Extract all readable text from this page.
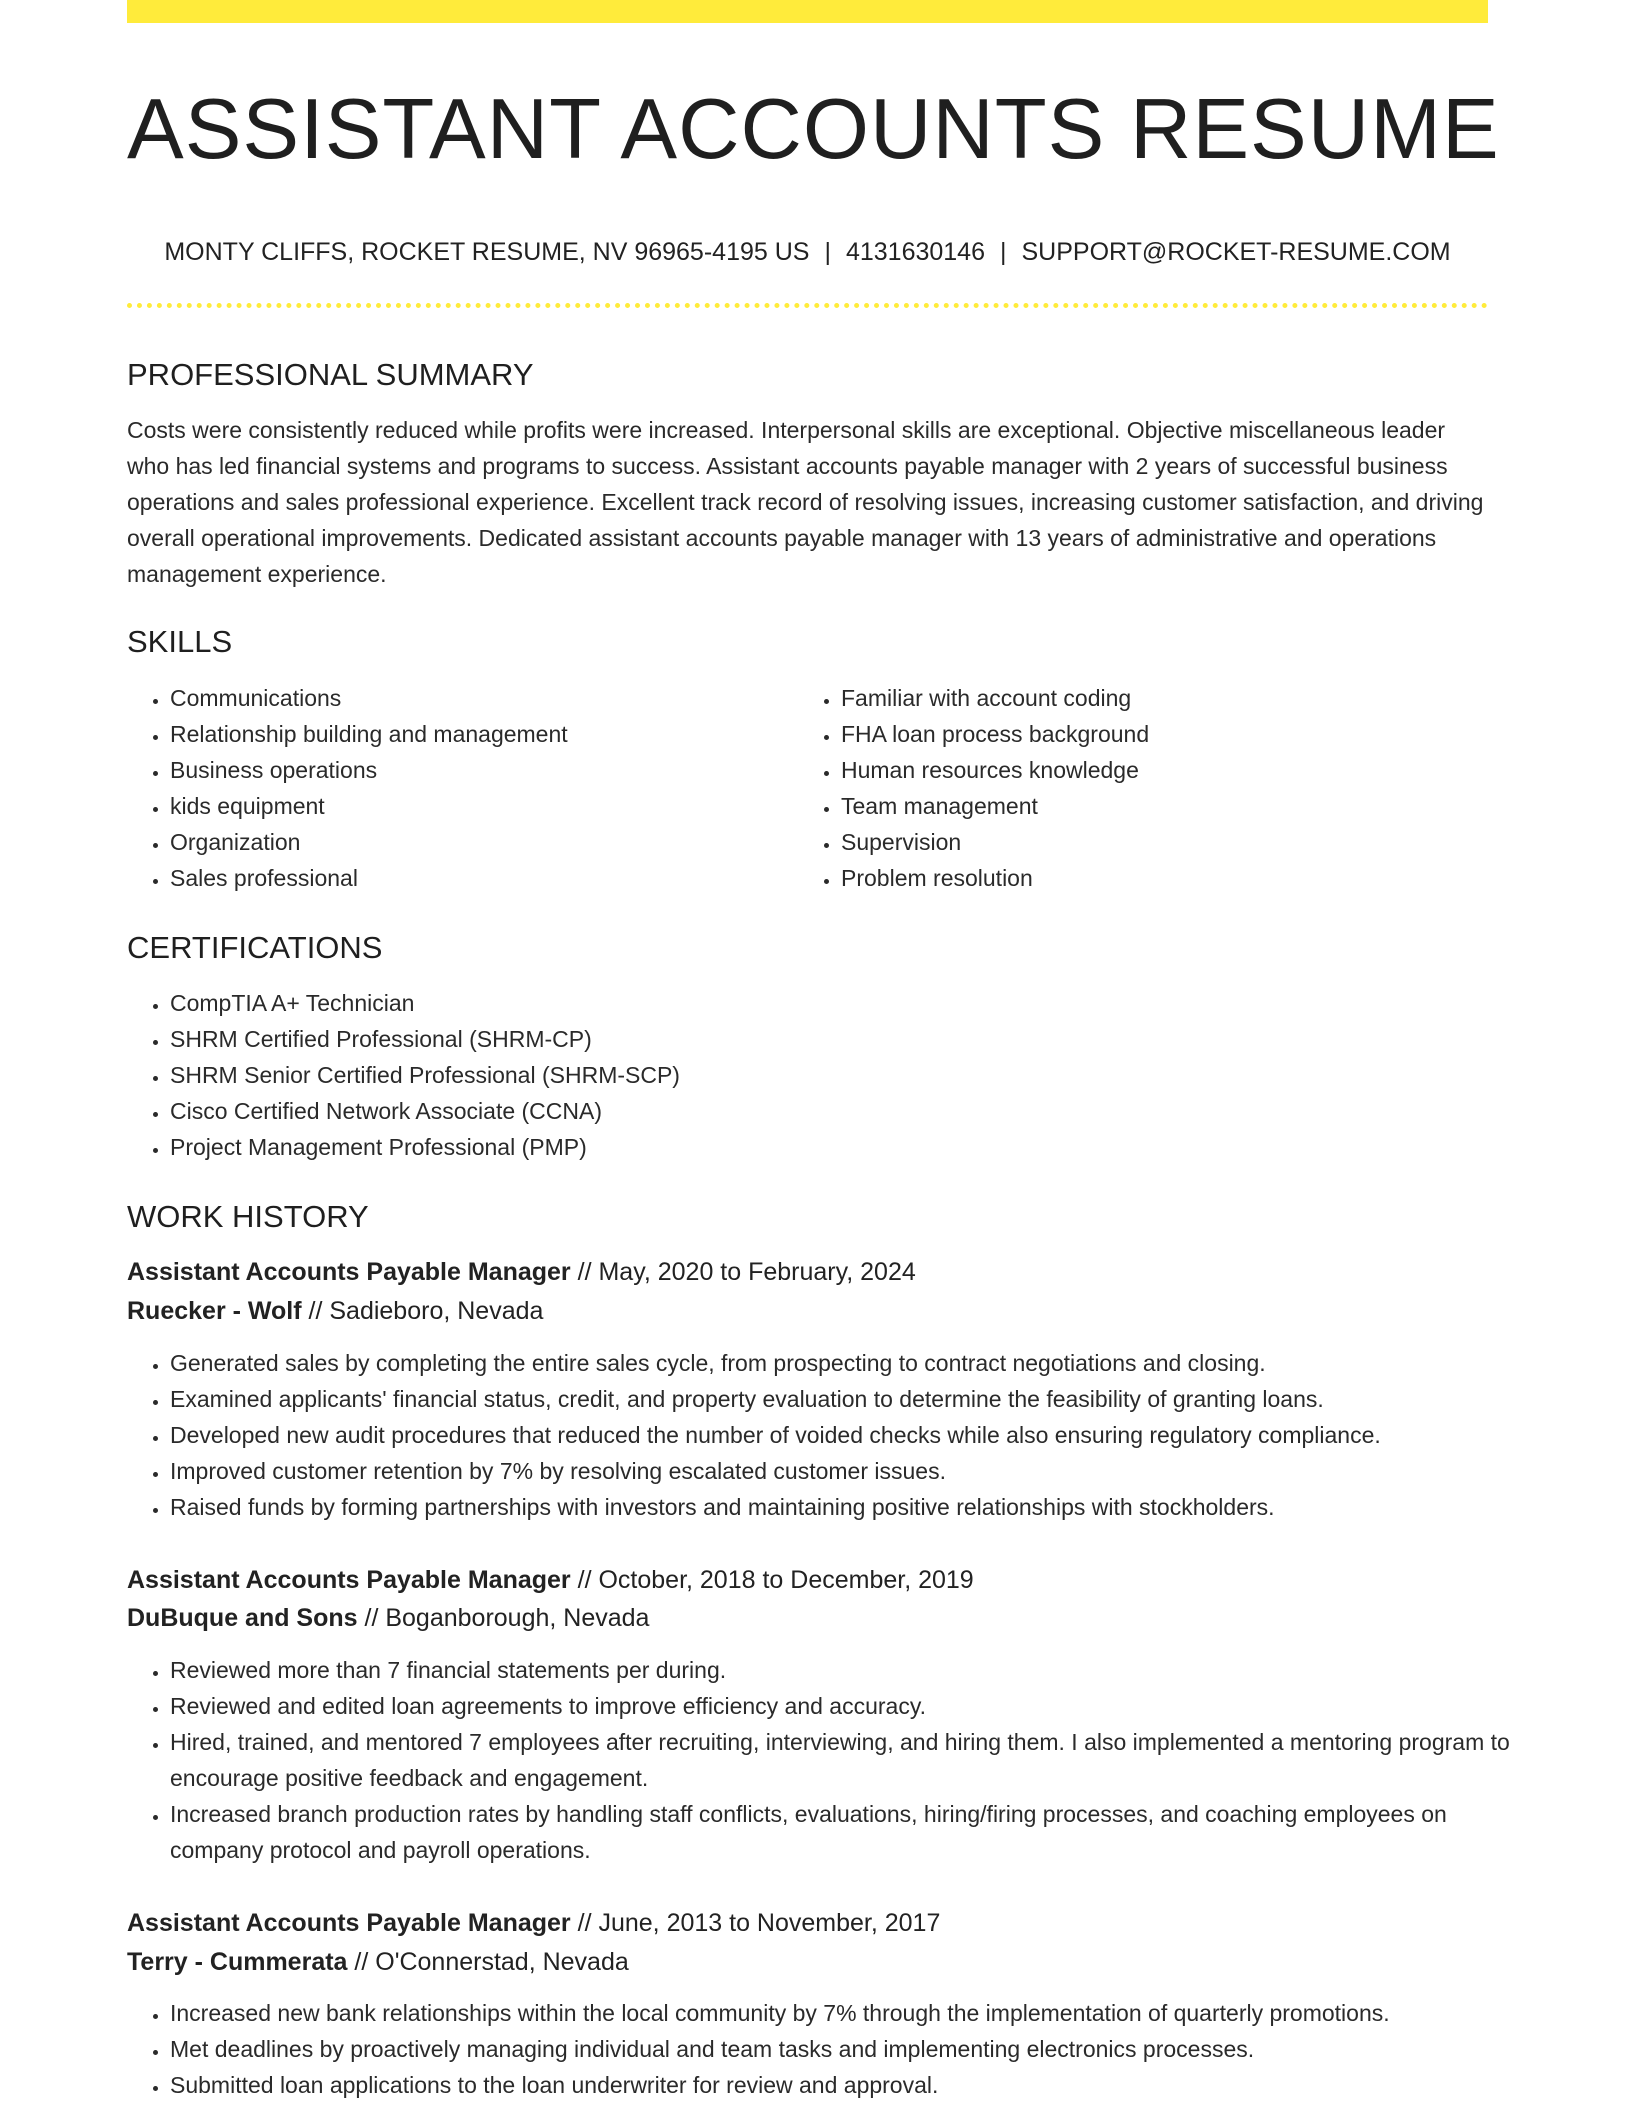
ASSISTANT ACCOUNTS RESUME
MONTY CLIFFS, ROCKET RESUME, NV 96965-4195 US | 4131630146 | SUPPORT@ROCKET-RESUME.COM
PROFESSIONAL SUMMARY
Costs were consistently reduced while profits were increased. Interpersonal skills are exceptional. Objective miscellaneous leader who has led financial systems and programs to success. Assistant accounts payable manager with 2 years of successful business operations and sales professional experience. Excellent track record of resolving issues, increasing customer satisfaction, and driving overall operational improvements. Dedicated assistant accounts payable manager with 13 years of administrative and operations management experience.
SKILLS
• Communications
• Relationship building and management
• Business operations
• kids equipment
• Organization
• Sales professional
• Familiar with account coding
• FHA loan process background
• Human resources knowledge
• Team management
• Supervision
• Problem resolution
CERTIFICATIONS
• CompTIA A+ Technician
• SHRM Certified Professional (SHRM-CP)
• SHRM Senior Certified Professional (SHRM-SCP)
• Cisco Certified Network Associate (CCNA)
• Project Management Professional (PMP)
WORK HISTORY
Assistant Accounts Payable Manager // May, 2020 to February, 2024
Ruecker - Wolf // Sadieboro, Nevada
• Generated sales by completing the entire sales cycle, from prospecting to contract negotiations and closing.
• Examined applicants' financial status, credit, and property evaluation to determine the feasibility of granting loans.
• Developed new audit procedures that reduced the number of voided checks while also ensuring regulatory compliance.
• Improved customer retention by 7% by resolving escalated customer issues.
• Raised funds by forming partnerships with investors and maintaining positive relationships with stockholders.
Assistant Accounts Payable Manager // October, 2018 to December, 2019
DuBuque and Sons // Boganborough, Nevada
• Reviewed more than 7 financial statements per during.
• Reviewed and edited loan agreements to improve efficiency and accuracy.
• Hired, trained, and mentored 7 employees after recruiting, interviewing, and hiring them. I also implemented a mentoring program to encourage positive feedback and engagement.
• Increased branch production rates by handling staff conflicts, evaluations, hiring/firing processes, and coaching employees on company protocol and payroll operations.
Assistant Accounts Payable Manager // June, 2013 to November, 2017
Terry - Cummerata // O'Connerstad, Nevada
• Increased new bank relationships within the local community by 7% through the implementation of quarterly promotions.
• Met deadlines by proactively managing individual and team tasks and implementing electronics processes.
• Submitted loan applications to the loan underwriter for review and approval.
